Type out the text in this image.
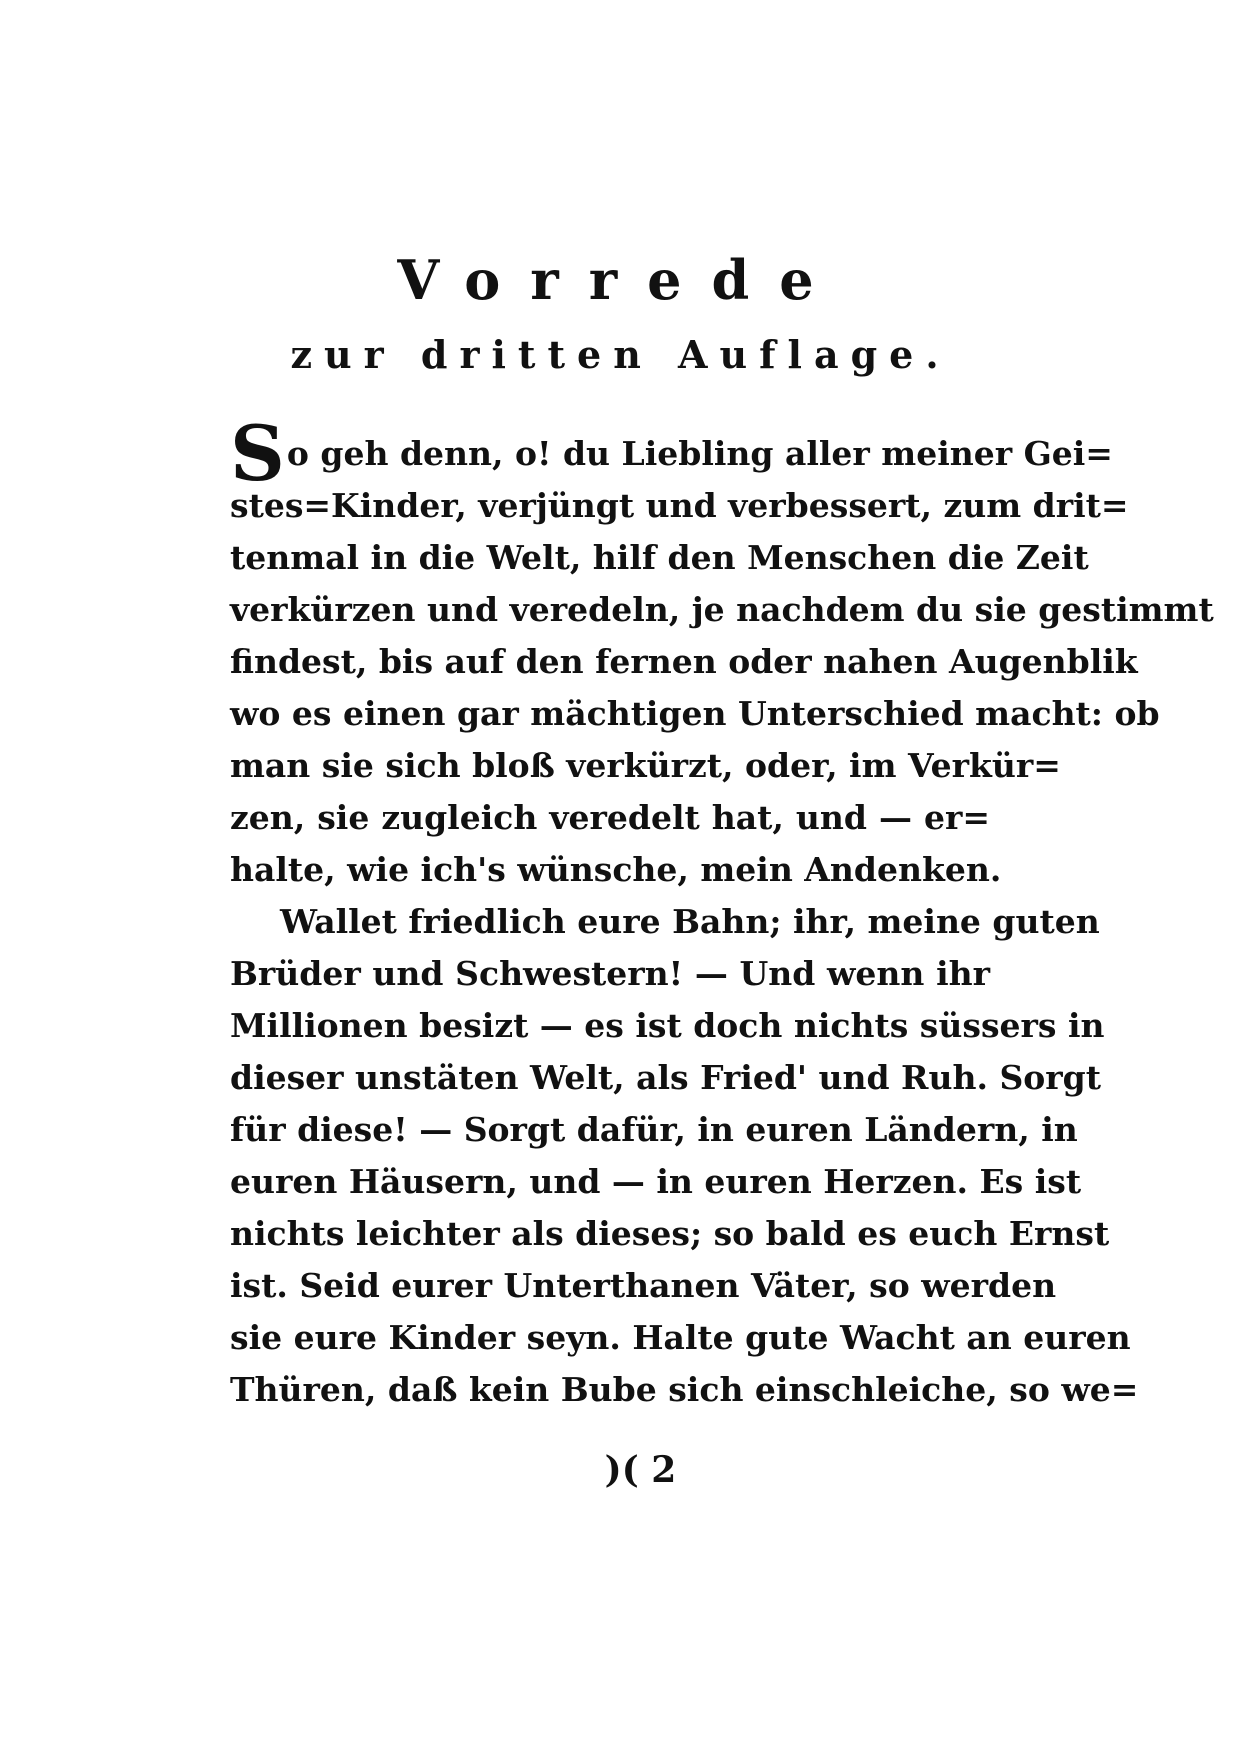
Vorrede
zur dritten Auflage.
So geh denn, o! du Liebling aller meiner Gei=
stes=Kinder, verjüngt und verbessert, zum drit=
tenmal in die Welt, hilf den Menschen die Zeit
verkürzen und veredeln, je nachdem du sie gestimmt
findest, bis auf den fernen oder nahen Augenblik
wo es einen gar mächtigen Unterschied macht: ob
man sie sich bloß verkürzt, oder, im Verkür=
zen, sie zugleich veredelt hat, und — er=
halte, wie ich's wünsche, mein Andenken.
Wallet friedlich eure Bahn; ihr, meine guten
Brüder und Schwestern! — Und wenn ihr
Millionen besizt — es ist doch nichts süssers in
dieser unstäten Welt, als Fried' und Ruh. Sorgt
für diese! — Sorgt dafür, in euren Ländern, in
euren Häusern, und — in euren Herzen. Es ist
nichts leichter als dieses; so bald es euch Ernst
ist. Seid eurer Unterthanen Väter, so werden
sie eure Kinder seyn. Halte gute Wacht an euren
Thüren, daß kein Bube sich einschleiche, so we=
)( 2
